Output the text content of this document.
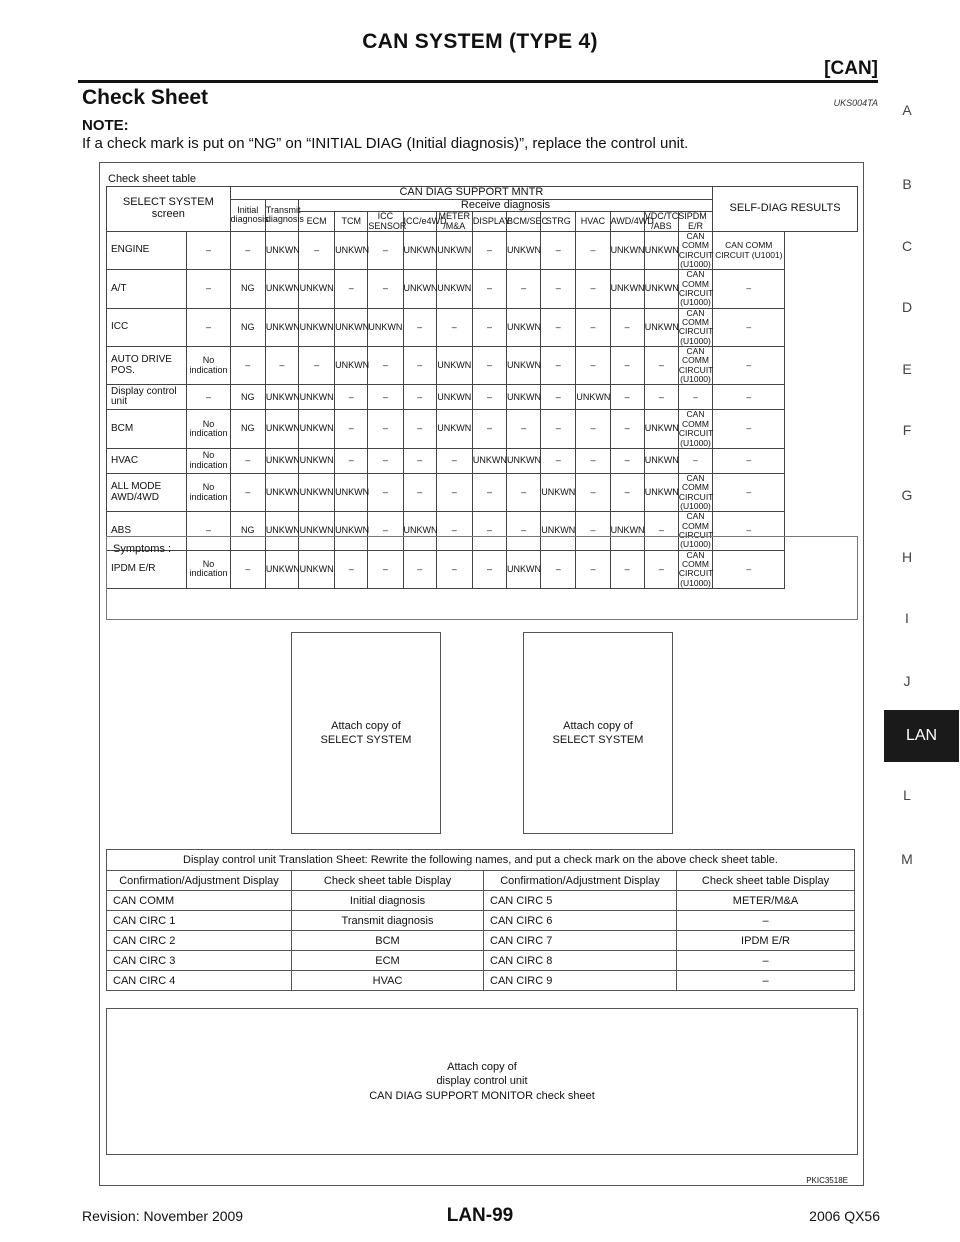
CAN SYSTEM (TYPE 4)
[CAN]
Check Sheet	UKS004TA
NOTE:
If a check mark is put on “NG” on “INITIAL DIAG (Initial diagnosis)”, replace the control unit.
A
B
C
D
E
F
G
H
I
J
L
M
LAN
Check sheet table
SELECT SYSTEM screen		CAN DIAG SUPPORT MNTR														SELF-DIAG RESULTS
		Initial diagnosis	Transmit diagnosis	Receive diagnosis												
				ECM	TCM	ICC SENSOR	ICC/e4WD	METER /M&A	DISPLAY	BCM/SEC	STRG	HVAC	AWD/4WD	VDC/TCS /ABS	IPDM E/R	
ENGINE	–	–	UNKWN	–	UNKWN	–	UNKWN	UNKWN	–	UNKWN	–	–	UNKWN	UNKWN	CAN COMM CIRCUIT (U1000)	CAN COMM CIRCUIT (U1001)
A/T	–	NG	UNKWN	UNKWN	–	–	UNKWN	UNKWN	–	–	–	–	UNKWN	UNKWN	CAN COMM CIRCUIT (U1000)	–
ICC	–	NG	UNKWN	UNKWN	UNKWN	UNKWN	–	–	–	UNKWN	–	–	–	UNKWN	CAN COMM CIRCUIT (U1000)	–
AUTO DRIVE POS.	No indication	–	–	–	UNKWN	–	–	UNKWN	–	UNKWN	–	–	–	–	CAN COMM CIRCUIT (U1000)	–
Display control unit	–	NG	UNKWN	UNKWN	–	–	–	UNKWN	–	UNKWN	–	UNKWN	–	–	–	–
BCM	No indication	NG	UNKWN	UNKWN	–	–	–	UNKWN	–	–	–	–	–	UNKWN	CAN COMM CIRCUIT (U1000)	–
HVAC	No indication	–	UNKWN	UNKWN	–	–	–	–	UNKWN	UNKWN	–	–	–	UNKWN	–	–
ALL MODE AWD/4WD	No indication	–	UNKWN	UNKWN	UNKWN	–	–	–	–	–	UNKWN	–	–	UNKWN	CAN COMM CIRCUIT (U1000)	–
ABS	–	NG	UNKWN	UNKWN	UNKWN	–	UNKWN	–	–	–	UNKWN	–	UNKWN	–	CAN COMM CIRCUIT (U1000)	–
IPDM E/R	No indication	–	UNKWN	UNKWN	–	–	–	–	–	UNKWN	–	–	–	–	CAN COMM CIRCUIT (U1000)	–
Symptoms :
Attach copy of
SELECT SYSTEM
Attach copy of
SELECT SYSTEM
Display control unit Translation Sheet: Rewrite the following names, and put a check mark on the above check sheet table.			
Confirmation/Adjustment Display	Check sheet table Display	Confirmation/Adjustment Display	Check sheet table Display
CAN COMM	Initial diagnosis	CAN CIRC 5	METER/M&A
CAN CIRC 1	Transmit diagnosis	CAN CIRC 6	–
CAN CIRC 2	BCM	CAN CIRC 7	IPDM E/R
CAN CIRC 3	ECM	CAN CIRC 8	–
CAN CIRC 4	HVAC	CAN CIRC 9	–
Attach copy of
display control unit
CAN DIAG SUPPORT MONITOR check sheet
PKIC3518E
Revision: November 2009	LAN-99	2006 QX56
